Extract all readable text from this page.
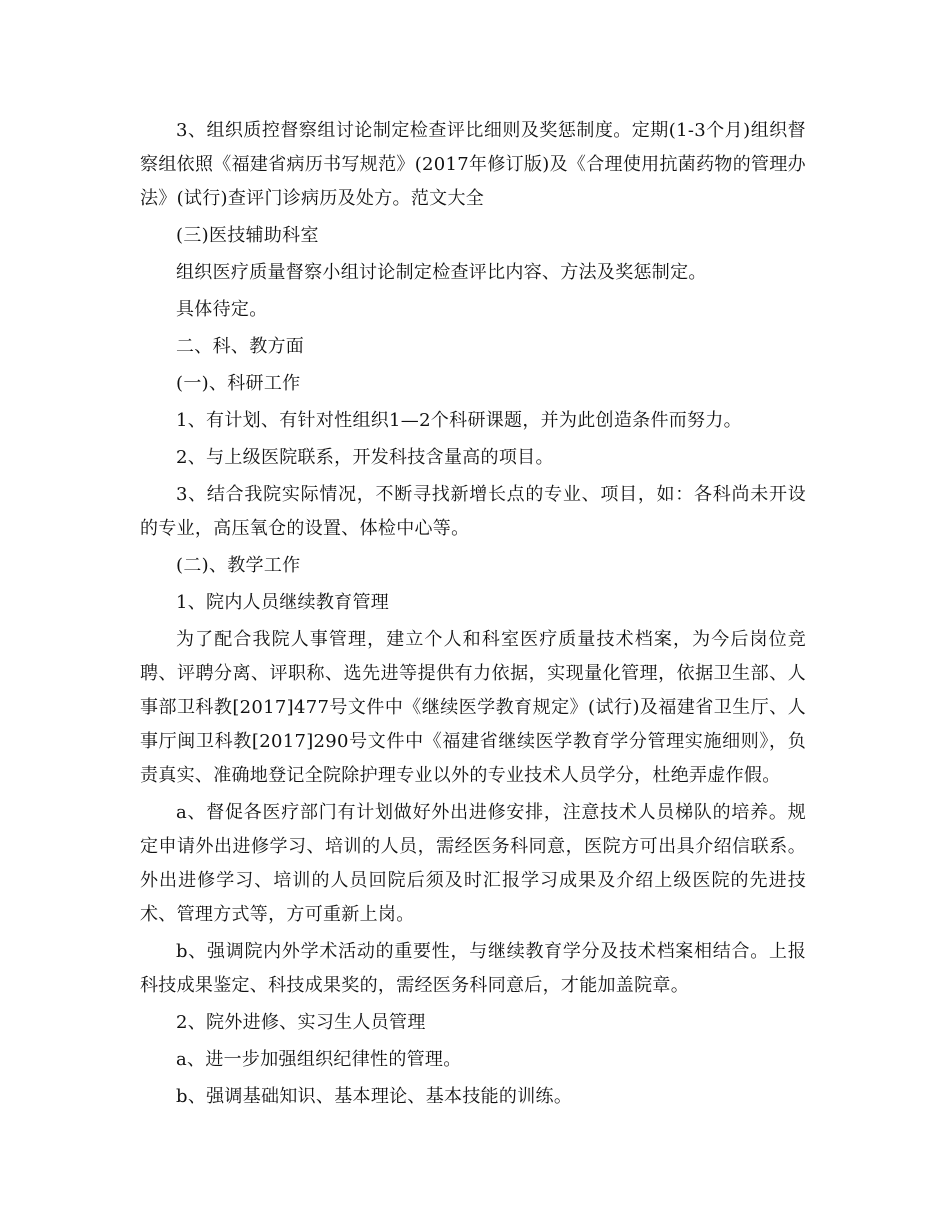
3、组织质控督察组讨论制定检查评比细则及奖惩制度。定期(1-3个月)组织督察组依照《福建省病历书写规范》(2017年修订版)及《合理使用抗菌药物的管理办法》(试行)查评门诊病历及处方。范文大全

(三)医技辅助科室

组织医疗质量督察小组讨论制定检查评比内容、方法及奖惩制定。

具体待定。

二、科、教方面

(一)、科研工作

1、有计划、有针对性组织1—2个科研课题，并为此创造条件而努力。

2、与上级医院联系，开发科技含量高的项目。

3、结合我院实际情况，不断寻找新增长点的专业、项目，如：各科尚未开设的专业，高压氧仓的设置、体检中心等。

(二)、教学工作

1、院内人员继续教育管理

为了配合我院人事管理，建立个人和科室医疗质量技术档案，为今后岗位竞聘、评聘分离、评职称、选先进等提供有力依据，实现量化管理，依据卫生部、人事部卫科教[2017]477号文件中《继续医学教育规定》(试行)及福建省卫生厅、人事厅闽卫科教[2017]290号文件中《福建省继续医学教育学分管理实施细则》，负责真实、准确地登记全院除护理专业以外的专业技术人员学分，杜绝弄虚作假。

a、督促各医疗部门有计划做好外出进修安排，注意技术人员梯队的培养。规定申请外出进修学习、培训的人员，需经医务科同意，医院方可出具介绍信联系。外出进修学习、培训的人员回院后须及时汇报学习成果及介绍上级医院的先进技术、管理方式等，方可重新上岗。

b、强调院内外学术活动的重要性，与继续教育学分及技术档案相结合。上报科技成果鉴定、科技成果奖的，需经医务科同意后，才能加盖院章。

2、院外进修、实习生人员管理

a、进一步加强组织纪律性的管理。

b、强调基础知识、基本理论、基本技能的训练。
